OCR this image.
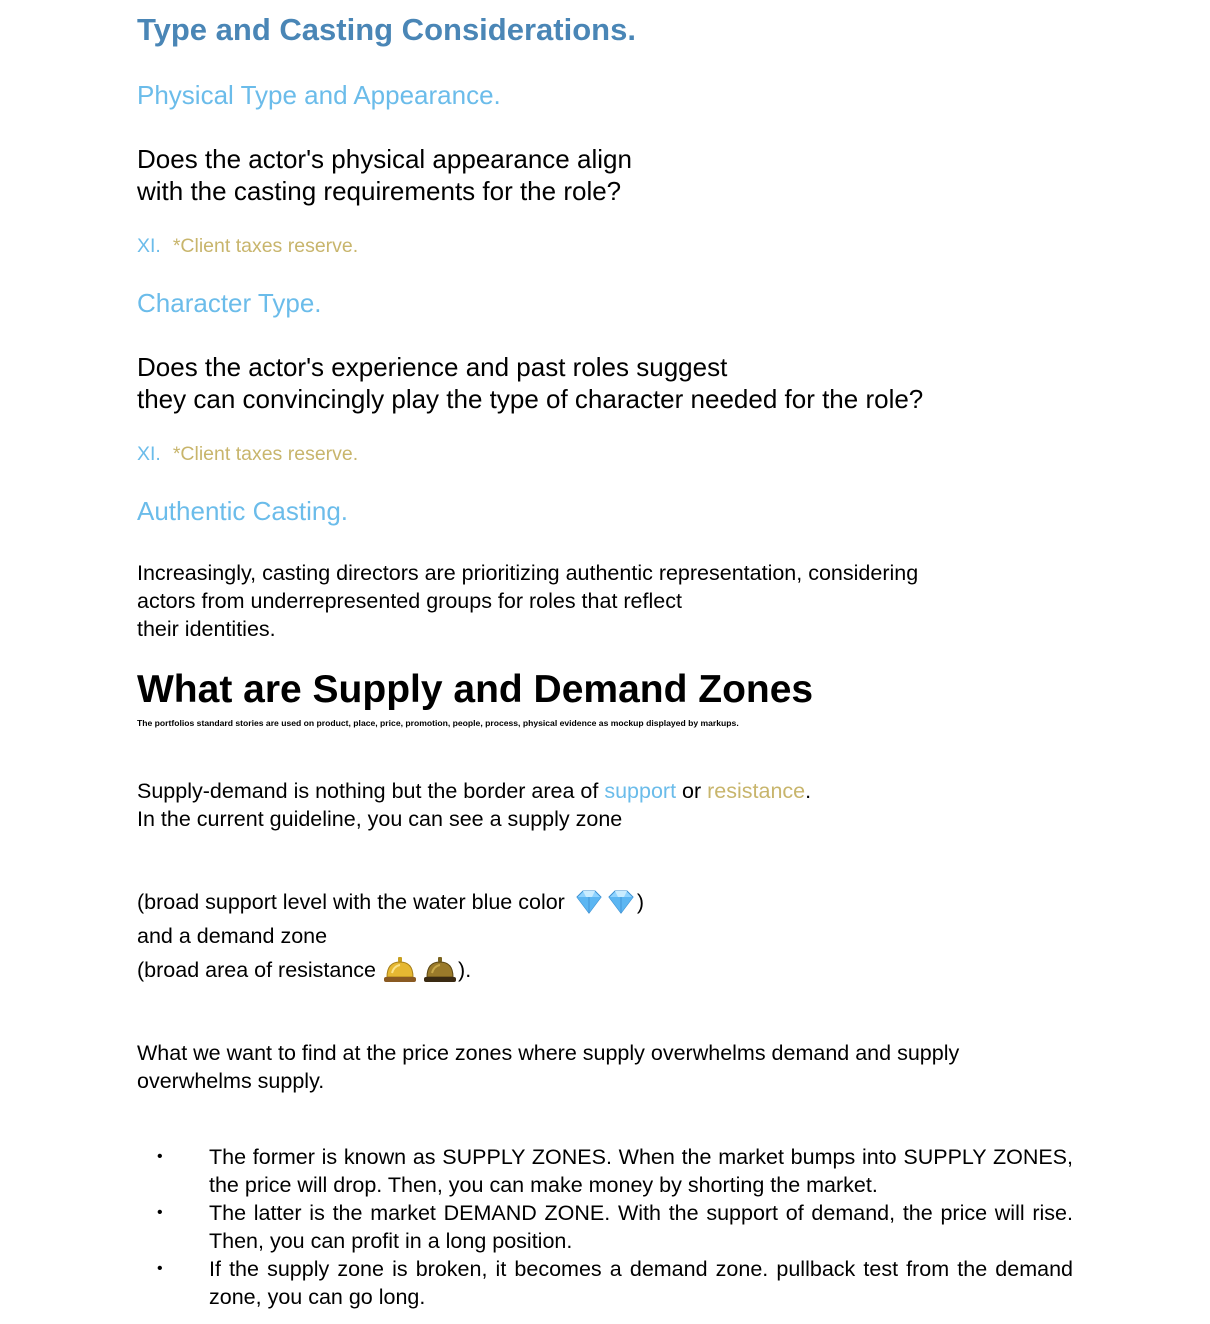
Type and Casting Considerations.
Physical Type and Appearance.
Does the actor's physical appearance align
with the casting requirements for the role?
XI. *Client taxes reserve.
Character Type.
Does the actor's experience and past roles suggest
they can convincingly play the type of character needed for the role?
XI. *Client taxes reserve.
Authentic Casting.
Increasingly, casting directors are prioritizing authentic representation, considering
actors from underrepresented groups for roles that reflect
their identities.
What are Supply and Demand Zones
The portfolios standard stories are used on product, place, price, promotion, people, process, physical evidence as mockup displayed by markups.
Supply-demand is nothing but the border area of support or resistance.
In the current guideline, you can see a supply zone
(broad support level with the water blue color	)
and a demand zone
(broad area of resistance	).
What we want to find at the price zones where supply overwhelms demand and supply
overwhelms supply.
• The former is known as SUPPLY ZONES. When the market bumps into SUPPLY ZONES, the price will drop. Then, you can make money by shorting the market.
• The latter is the market DEMAND ZONE. With the support of demand, the price will rise. Then, you can profit in a long position.
• If the supply zone is broken, it becomes a demand zone. pullback test from the demand zone, you can go long.
